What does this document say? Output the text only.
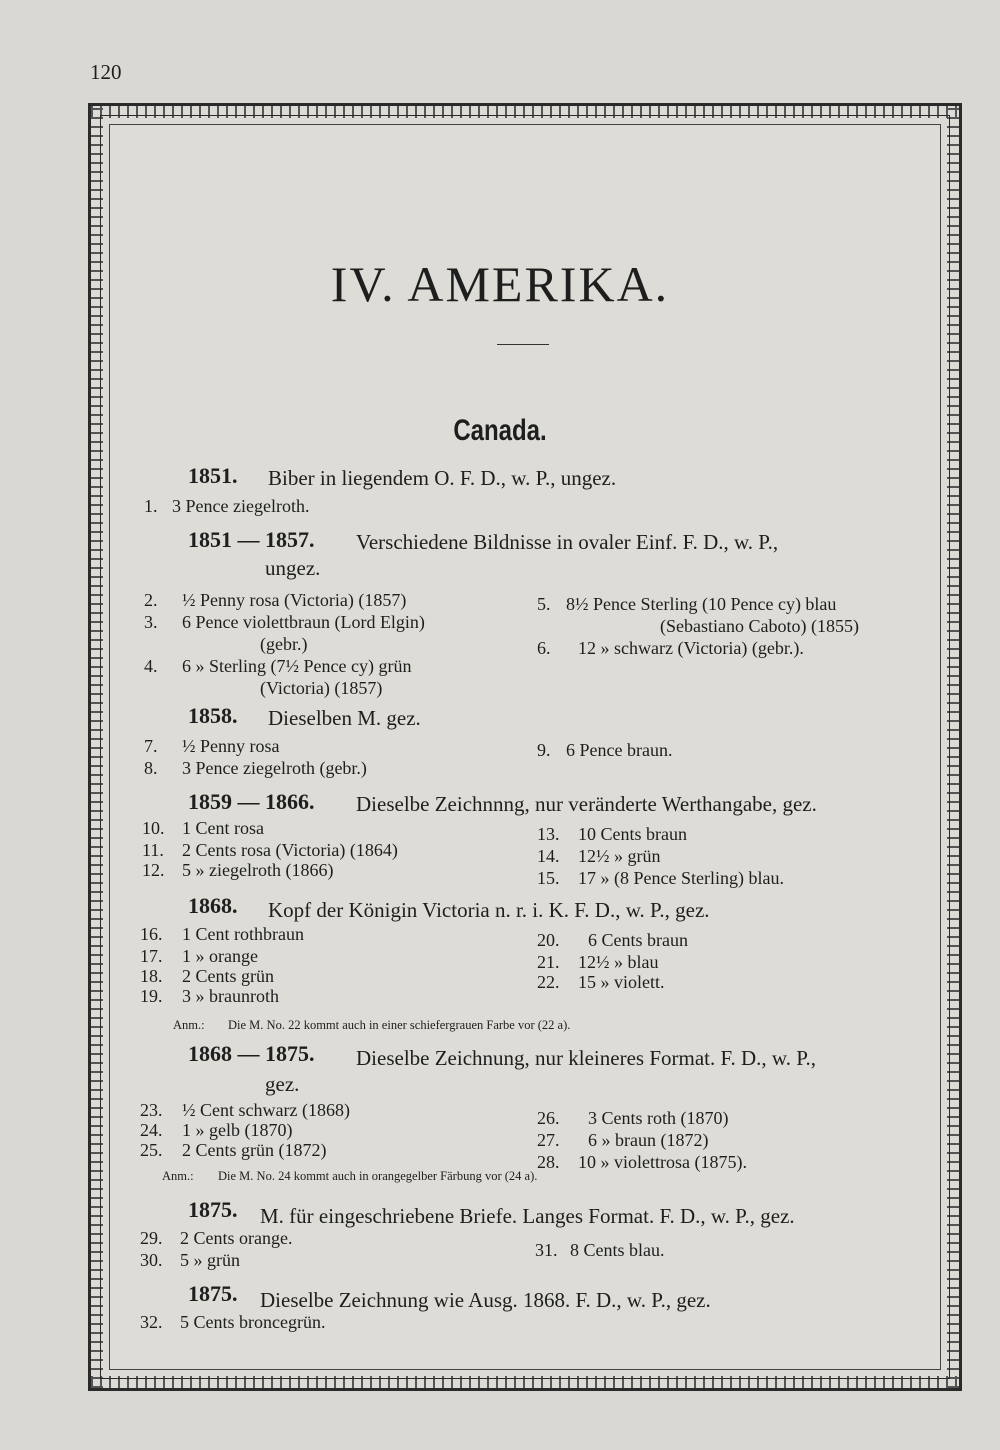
120
IV. AMERIKA.
Canada.
1851. Biber in liegendem O. F. D., w. P., ungez.
1. 3 Pence ziegelroth.
1851 — 1857. Verschiedene Bildnisse in ovaler Einf. F. D., w. P.,
ungez.
2. ½ Penny rosa (Victoria) (1857)
3. 6 Pence violettbraun (Lord Elgin)
(gebr.)
4. 6 » Sterling (7½ Pence cy) grün
(Victoria) (1857)
5. 8½ Pence Sterling (10 Pence cy) blau
(Sebastiano Caboto) (1855)
6. 12 » schwarz (Victoria) (gebr.).
1858. Dieselben M. gez.
7. ½ Penny rosa
8. 3 Pence ziegelroth (gebr.)
9. 6 Pence braun.
1859 — 1866. Dieselbe Zeichnnng, nur veränderte Werthangabe, gez.
10. 1 Cent rosa
11. 2 Cents rosa (Victoria) (1864)
12. 5 » ziegelroth (1866)
13. 10 Cents braun
14. 12½ » grün
15. 17 » (8 Pence Sterling) blau.
1868. Kopf der Königin Victoria n. r. i. K. F. D., w. P., gez.
16. 1 Cent rothbraun
17. 1 » orange
18. 2 Cents grün
19. 3 » braunroth
20. 6 Cents braun
21. 12½ » blau
22. 15 » violett.
Anm.: Die M. No. 22 kommt auch in einer schiefergrauen Farbe vor (22 a).
1868 — 1875. Dieselbe Zeichnung, nur kleineres Format. F. D., w. P.,
gez.
23. ½ Cent schwarz (1868)
24. 1 » gelb (1870)
25. 2 Cents grün (1872)
26. 3 Cents roth (1870)
27. 6 » braun (1872)
28. 10 » violettrosa (1875).
Anm.: Die M. No. 24 kommt auch in orangegelber Färbung vor (24 a).
1875. M. für eingeschriebene Briefe. Langes Format. F. D., w. P., gez.
29. 2 Cents orange.
30. 5 » grün	31. 8 Cents blau.
1875. Dieselbe Zeichnung wie Ausg. 1868. F. D., w. P., gez.
32. 5 Cents broncegrün.
